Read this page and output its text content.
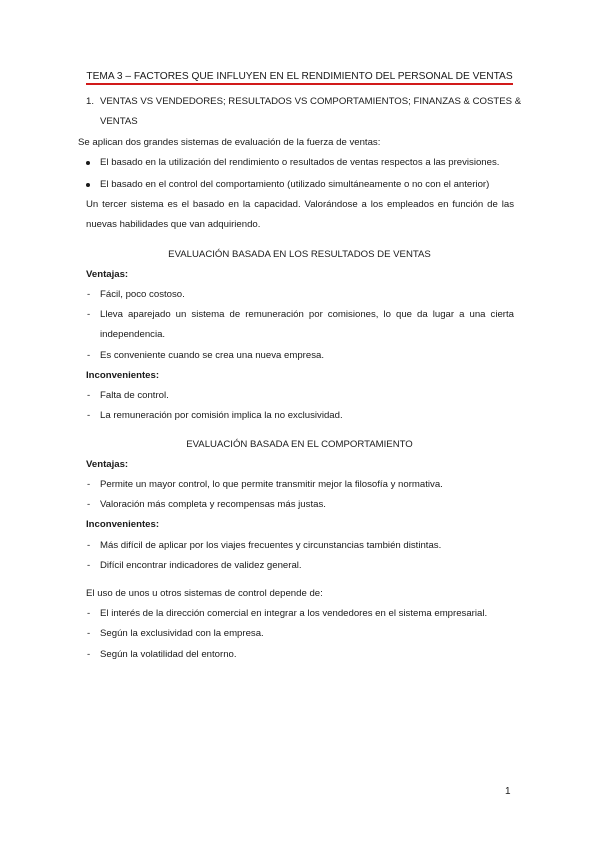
TEMA 3 – FACTORES QUE INFLUYEN EN EL RENDIMIENTO DEL PERSONAL DE VENTAS
1. VENTAS VS VENDEDORES; RESULTADOS VS COMPORTAMIENTOS; FINANZAS & COSTES &
VENTAS
Se aplican dos grandes sistemas de evaluación de la fuerza de ventas:
El basado en la utilización del rendimiento o resultados de ventas respectos a las previsiones.
El basado en el control del comportamiento (utilizado simultáneamente o no con el anterior)
Un tercer sistema es el basado en la capacidad. Valorándose a los empleados en función de las
nuevas habilidades que van adquiriendo.
EVALUACIÓN BASADA EN LOS RESULTADOS DE VENTAS
Ventajas:
- Fácil, poco costoso.
- Lleva aparejado un sistema de remuneración por comisiones, lo que da lugar a una cierta
independencia.
- Es conveniente cuando se crea una nueva empresa.
Inconvenientes:
- Falta de control.
- La remuneración por comisión implica la no exclusividad.
EVALUACIÓN BASADA EN EL COMPORTAMIENTO
Ventajas:
- Permite un mayor control, lo que permite transmitir mejor la filosofía y normativa.
- Valoración más completa y recompensas más justas.
Inconvenientes:
- Más difícil de aplicar por los viajes frecuentes y circunstancias también distintas.
- Difícil encontrar indicadores de validez general.
El uso de unos u otros sistemas de control depende de:
- El interés de la dirección comercial en integrar a los vendedores en el sistema empresarial.
- Según la exclusividad con la empresa.
- Según la volatilidad del entorno.
1
